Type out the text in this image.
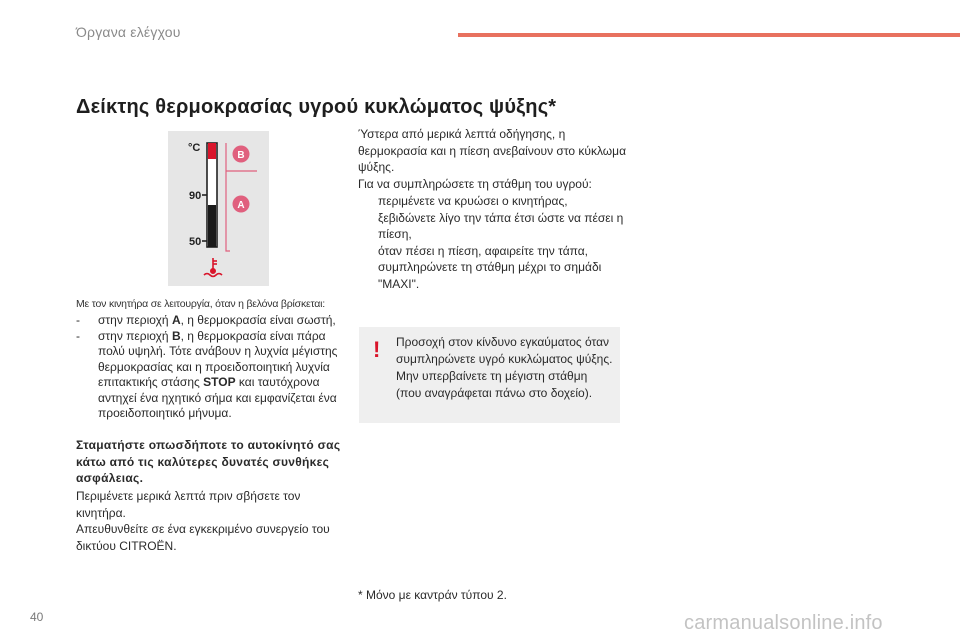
Όργανα ελέγχου
Δείκτης θερμοκρασίας υγρού κυκλώματος ψύξης*
B
A
°C
90
50
Με τον κινητήρα σε λειτουργία, όταν η βελόνα βρίσκεται:
- στην περιοχή A, η θερμοκρασία είναι σωστή,
- στην περιοχή B, η θερμοκρασία είναι πάρα πολύ υψηλή. Τότε ανάβουν η λυχνία μέγιστης θερμοκρασίας και η προειδοποιητική λυχνία επιτακτικής στάσης STOP και ταυτόχρονα αντηχεί ένα ηχητικό σήμα και εμφανίζεται ένα προειδοποιητικό μήνυμα.
Σταματήστε οπωσδήποτε το αυτοκίνητό σας κάτω από τις καλύτερες δυνατές συνθήκες ασφάλειας.
Περιμένετε μερικά λεπτά πριν σβήσετε τον κινητήρα.
Απευθυνθείτε σε ένα εγκεκριμένο συνεργείο του δικτύου CITROËN.
Ύστερα από μερικά λεπτά οδήγησης, η θερμοκρασία και η πίεση ανεβαίνουν στο κύκλωμα ψύξης.
Για να συμπληρώσετε τη στάθμη του υγρού:
περιμένετε να κρυώσει ο κινητήρας,
ξεβιδώνετε λίγο την τάπα έτσι ώστε να πέσει η πίεση,
όταν πέσει η πίεση, αφαιρείτε την τάπα,
συμπληρώνετε τη στάθμη μέχρι το σημάδι "MAXI".
! Προσοχή στον κίνδυνο εγκαύματος όταν συμπληρώνετε υγρό κυκλώματος ψύξης. Μην υπερβαίνετε τη μέγιστη στάθμη (που αναγράφεται πάνω στο δοχείο).
* Μόνο με καντράν τύπου 2.
40	carmanualsonline.info
